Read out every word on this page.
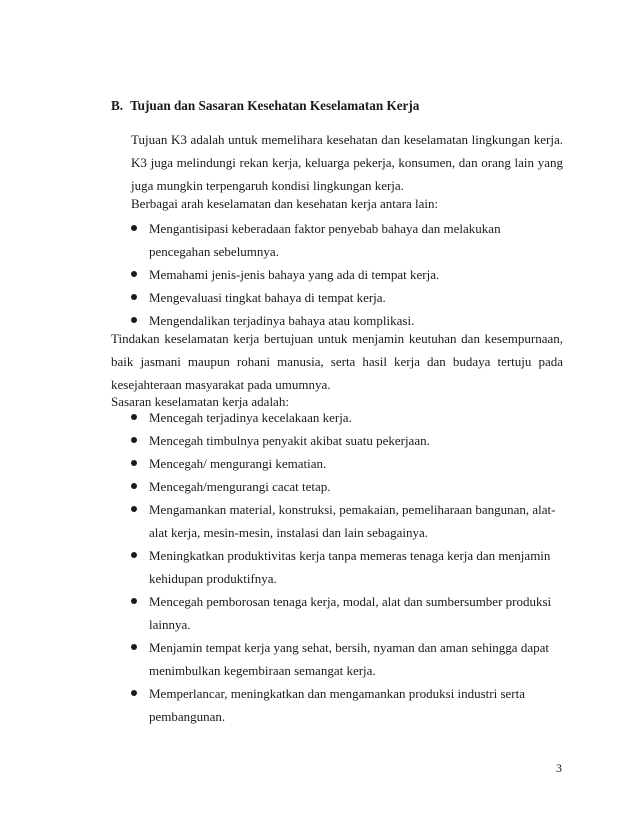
B. Tujuan dan Sasaran Kesehatan Keselamatan Kerja
Tujuan K3 adalah untuk memelihara kesehatan dan keselamatan lingkungan kerja. K3 juga melindungi rekan kerja, keluarga pekerja, konsumen, dan orang lain yang juga mungkin terpengaruh kondisi lingkungan kerja.
Berbagai arah keselamatan dan kesehatan kerja antara lain:
Mengantisipasi keberadaan faktor penyebab bahaya dan melakukan pencegahan sebelumnya.
Memahami jenis-jenis bahaya yang ada di tempat kerja.
Mengevaluasi tingkat bahaya di tempat kerja.
Mengendalikan terjadinya bahaya atau komplikasi.
Tindakan keselamatan kerja bertujuan untuk menjamin keutuhan dan kesempurnaan, baik jasmani maupun rohani manusia, serta hasil kerja dan budaya tertuju pada kesejahteraan masyarakat pada umumnya.
Sasaran keselamatan kerja adalah:
Mencegah terjadinya kecelakaan kerja.
Mencegah timbulnya penyakit akibat suatu pekerjaan.
Mencegah/ mengurangi kematian.
Mencegah/mengurangi cacat tetap.
Mengamankan material, konstruksi, pemakaian, pemeliharaan bangunan, alat-alat kerja, mesin-mesin, instalasi dan lain sebagainya.
Meningkatkan produktivitas kerja tanpa memeras tenaga kerja dan menjamin kehidupan produktifnya.
Mencegah pemborosan tenaga kerja, modal, alat dan sumbersumber produksi lainnya.
Menjamin tempat kerja yang sehat, bersih, nyaman dan aman sehingga dapat menimbulkan kegembiraan semangat kerja.
Memperlancar, meningkatkan dan mengamankan produksi industri serta pembangunan.
3
